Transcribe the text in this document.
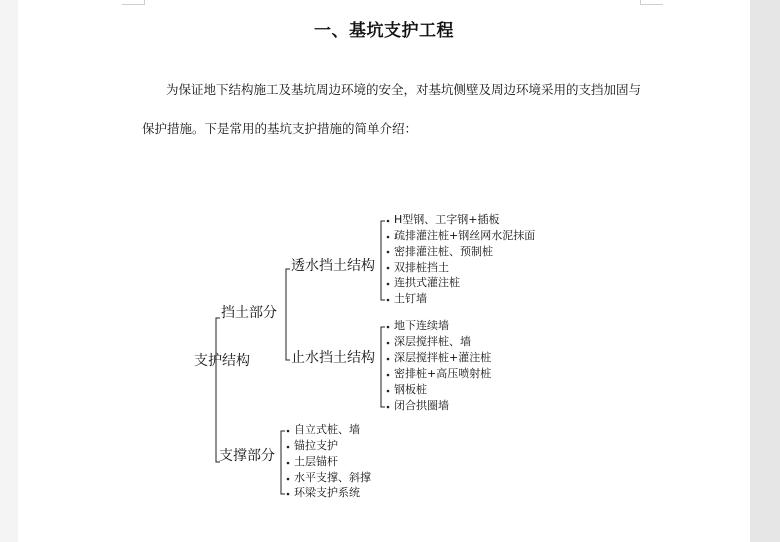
一、基坑支护工程
为保证地下结构施工及基坑周边环境的安全，对基坑侧壁及周边环境采用的支挡加固与
保护措施。下是常用的基坑支护措施的简单介绍：
支护结构
挡土部分
支撑部分
透水挡土结构
止水挡土结构
H型钢、工字钢+插板
疏排灌注桩+钢丝网水泥抹面
密排灌注桩、预制桩
双排桩挡土
连拱式灌注桩
土钉墙
地下连续墙
深层搅拌桩、墙
深层搅拌桩+灌注桩
密排桩+高压喷射桩
钢板桩
闭合拱圈墙
自立式桩、墙
锚拉支护
土层锚杆
水平支撑、斜撑
环梁支护系统
